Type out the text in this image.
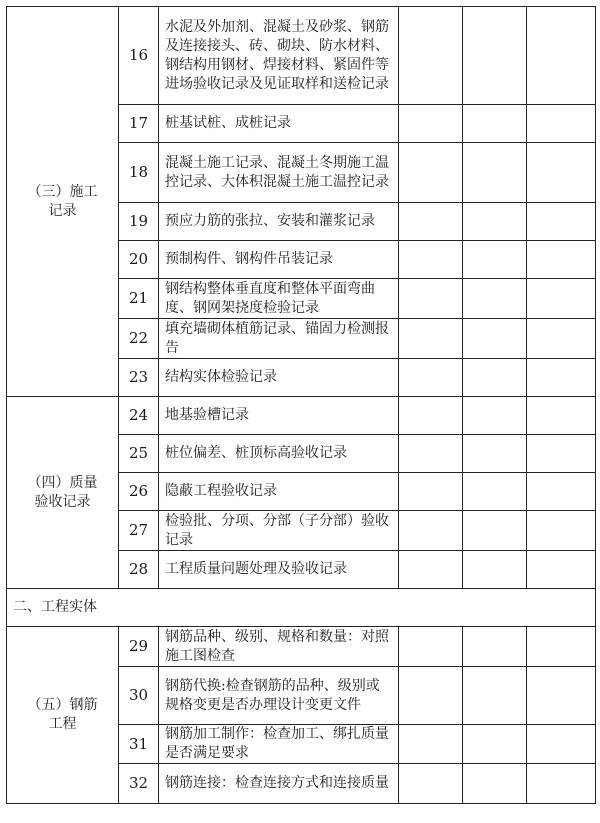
（三）施工记录	16	水泥及外加剂、混凝土及砂浆、钢筋及连接接头、砖、砌块、防水材料、钢结构用钢材、焊接材料、紧固件等进场验收记录及见证取样和送检记录			
	17	桩基试桩、成桩记录			
	18	混凝土施工记录、混凝土冬期施工温控记录、大体积混凝土施工温控记录			
	19	预应力筋的张拉、安装和灌浆记录			
	20	预制构件、钢构件吊装记录			
	21	钢结构整体垂直度和整体平面弯曲度、钢网架挠度检验记录			
	22	填充墙砌体植筋记录、锚固力检测报告			
	23	结构实体检验记录			
（四）质量验收记录	24	地基验槽记录			
	25	桩位偏差、桩顶标高验收记录			
	26	隐蔽工程验收记录			
	27	检验批、分项、分部（子分部）验收记录			
	28	工程质量问题处理及验收记录			
二、工程实体					
（五）钢筋工程	29	钢筋品种、级别、规格和数量：对照施工图检查			
	30	钢筋代换:检查钢筋的品种、级别或规格变更是否办理设计变更文件			
	31	钢筋加工制作：检查加工、绑扎质量是否满足要求			
	32	钢筋连接：检查连接方式和连接质量			
